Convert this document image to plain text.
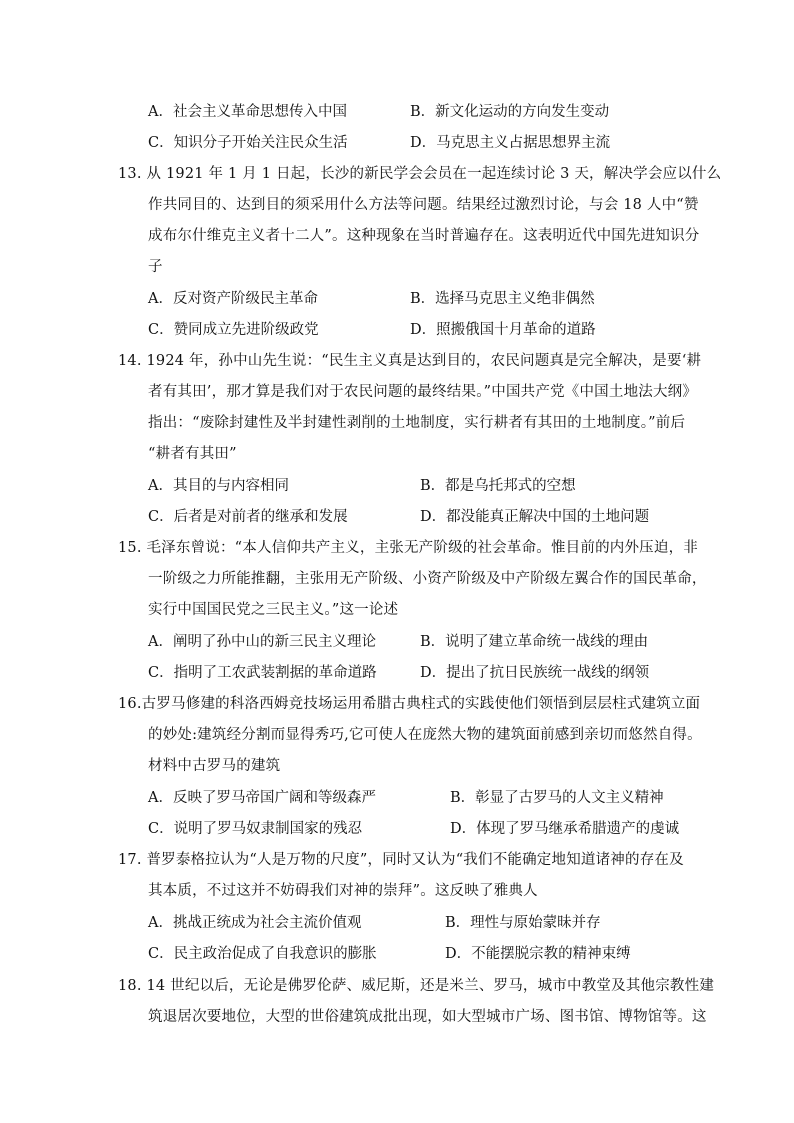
A．社会主义革命思想传入中国	B．新文化运动的方向发生变动
C．知识分子开始关注民众生活	D．马克思主义占据思想界主流
13. 从 1921 年 1 月 1 日起，长沙的新民学会会员在一起连续讨论 3 天，解决学会应以什么
作共同目的、达到目的须采用什么方法等问题。结果经过激烈讨论，与会 18 人中“赞
成布尔什维克主义者十二人”。这种现象在当时普遍存在。这表明近代中国先进知识分
子
A．反对资产阶级民主革命	B．选择马克思主义绝非偶然
C．赞同成立先进阶级政党	D．照搬俄国十月革命的道路
14. 1924 年，孙中山先生说：“民生主义真是达到目的，农民问题真是完全解决，是要‘耕
者有其田’，那才算是我们对于农民问题的最终结果。”中国共产党《中国土地法大纲》
指出：“废除封建性及半封建性剥削的土地制度，实行耕者有其田的土地制度。”前后
“耕者有其田”
A．其目的与内容相同	B．都是乌托邦式的空想
C．后者是对前者的继承和发展	D．都没能真正解决中国的土地问题
15. 毛泽东曾说：“本人信仰共产主义，主张无产阶级的社会革命。惟目前的内外压迫，非
一阶级之力所能推翻，主张用无产阶级、小资产阶级及中产阶级左翼合作的国民革命，
实行中国国民党之三民主义。”这一论述
A．阐明了孙中山的新三民主义理论	B．说明了建立革命统一战线的理由
C．指明了工农武装割据的革命道路	D．提出了抗日民族统一战线的纲领
16.古罗马修建的科洛西姆竞技场运用希腊古典柱式的实践使他们领悟到层层柱式建筑立面
的妙处:建筑经分割而显得秀巧,它可使人在庞然大物的建筑面前感到亲切而悠然自得。
材料中古罗马的建筑
A．反映了罗马帝国广阔和等级森严	B．彰显了古罗马的人文主义精神
C．说明了罗马奴隶制国家的残忍	D．体现了罗马继承希腊遗产的虔诚
17. 普罗泰格拉认为“人是万物的尺度”，同时又认为“我们不能确定地知道诸神的存在及
其本质，不过这并不妨碍我们对神的崇拜”。这反映了雅典人
A．挑战正统成为社会主流价值观	B．理性与原始蒙昧并存
C．民主政治促成了自我意识的膨胀	D．不能摆脱宗教的精神束缚
18. 14 世纪以后，无论是佛罗伦萨、威尼斯，还是米兰、罗马，城市中教堂及其他宗教性建
筑退居次要地位，大型的世俗建筑成批出现，如大型城市广场、图书馆、博物馆等。这
